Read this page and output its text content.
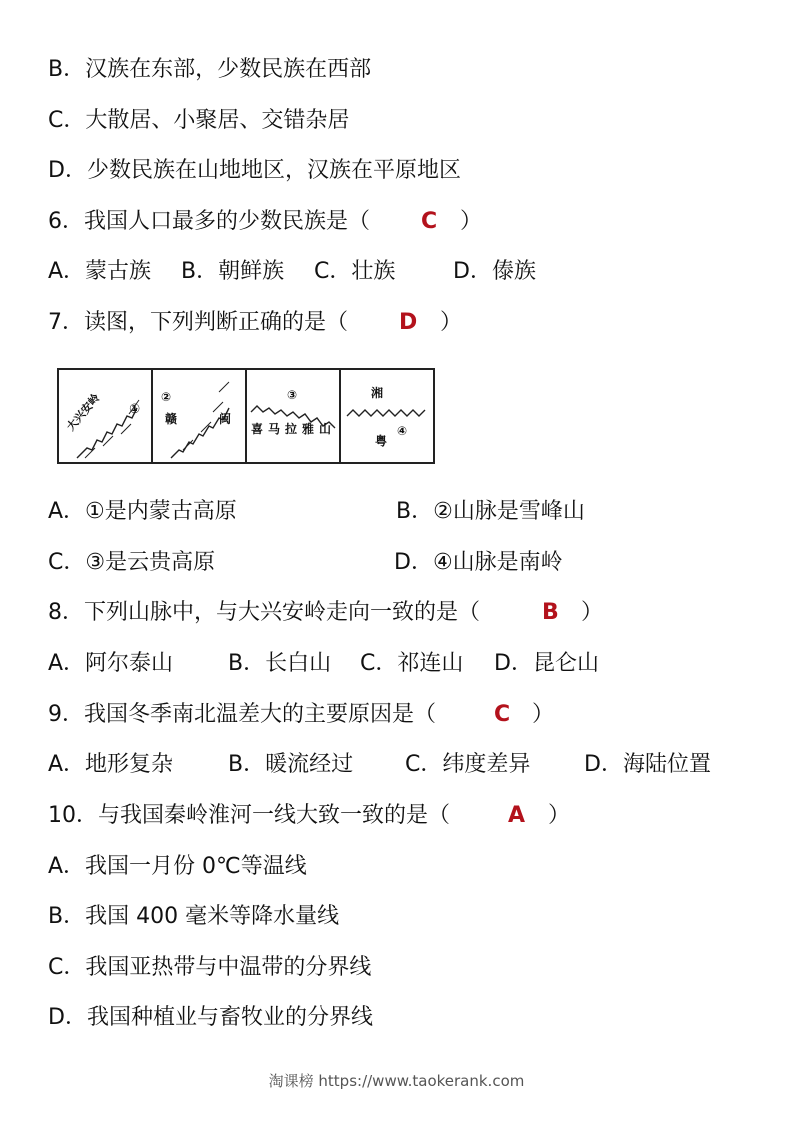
B．汉族在东部，少数民族在西部
C．大散居、小聚居、交错杂居
D．少数民族在山地地区，汉族在平原地区
6．我国人口最多的少数民族是（ C ）
A．蒙古族 B．朝鲜族 C．壮族	D．傣族
7．读图，下列判断正确的是（ D ）
大兴安岭 ①
②
赣	闽
③
喜马拉雅山
湘
粤
④
A．①是内蒙古高原	B．②山脉是雪峰山
C．③是云贵高原	D．④山脉是南岭
8．下列山脉中，与大兴安岭走向一致的是（	B ）
A．阿尔泰山 B．长白山 C．祁连山 D．昆仑山
9．我国冬季南北温差大的主要原因是（	C ）
A．地形复杂 B．暖流经过 C．纬度差异 D．海陆位置
10．与我国秦岭淮河一线大致一致的是（	A ）
A．我国一月份 0℃等温线
B．我国 400 毫米等降水量线
C．我国亚热带与中温带的分界线
D．我国种植业与畜牧业的分界线
淘课榜 https://www.taokerank.com
